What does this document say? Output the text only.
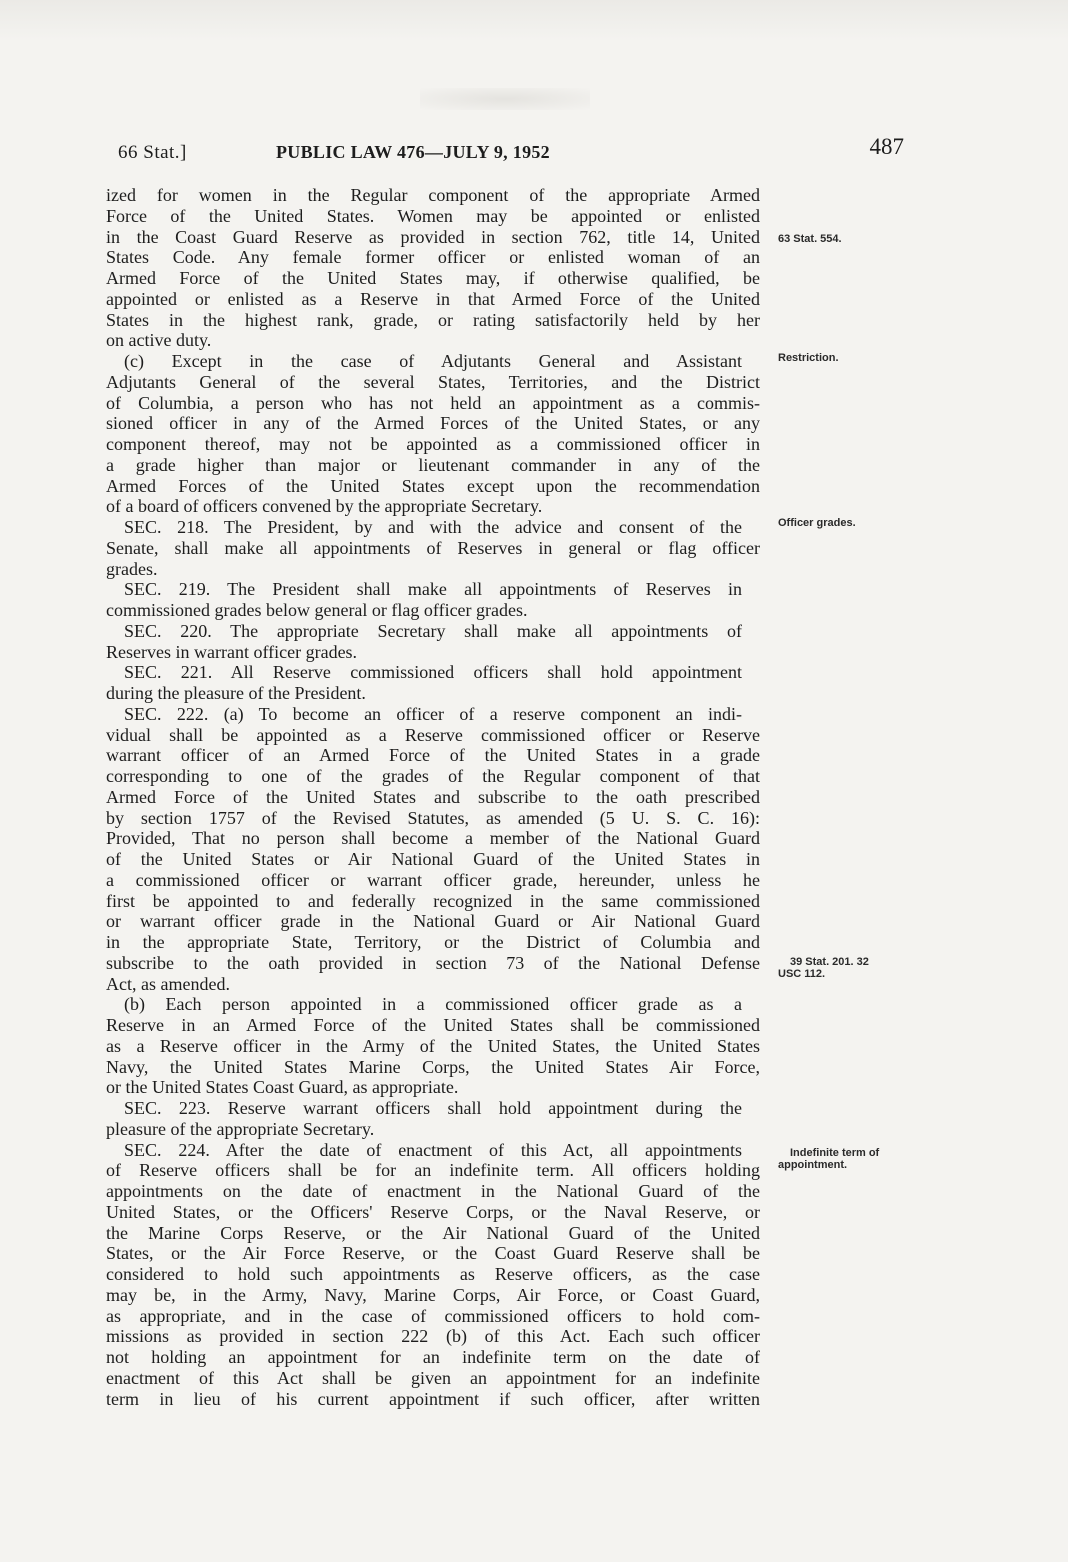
66 Stat.]	PUBLIC LAW 476—JULY 9, 1952	487
ized for women in the Regular component of the appropriate Armed
Force of the United States. Women may be appointed or enlisted
in the Coast Guard Reserve as provided in section 762, title 14, United
States Code. Any female former officer or enlisted woman of an
Armed Force of the United States may, if otherwise qualified, be
appointed or enlisted as a Reserve in that Armed Force of the United
States in the highest rank, grade, or rating satisfactorily held by her
on active duty.
(c) Except in the case of Adjutants General and Assistant
Adjutants General of the several States, Territories, and the District
of Columbia, a person who has not held an appointment as a commis-
sioned officer in any of the Armed Forces of the United States, or any
component thereof, may not be appointed as a commissioned officer in
a grade higher than major or lieutenant commander in any of the
Armed Forces of the United States except upon the recommendation
of a board of officers convened by the appropriate Secretary.
SEC. 218. The President, by and with the advice and consent of the
Senate, shall make all appointments of Reserves in general or flag officer
grades.
SEC. 219. The President shall make all appointments of Reserves in
commissioned grades below general or flag officer grades.
SEC. 220. The appropriate Secretary shall make all appointments of
Reserves in warrant officer grades.
SEC. 221. All Reserve commissioned officers shall hold appointment
during the pleasure of the President.
SEC. 222. (a) To become an officer of a reserve component an indi-
vidual shall be appointed as a Reserve commissioned officer or Reserve
warrant officer of an Armed Force of the United States in a grade
corresponding to one of the grades of the Regular component of that
Armed Force of the United States and subscribe to the oath prescribed
by section 1757 of the Revised Statutes, as amended (5 U. S. C. 16):
Provided, That no person shall become a member of the National Guard
of the United States or Air National Guard of the United States in
a commissioned officer or warrant officer grade, hereunder, unless he
first be appointed to and federally recognized in the same commissioned
or warrant officer grade in the National Guard or Air National Guard
in the appropriate State, Territory, or the District of Columbia and
subscribe to the oath provided in section 73 of the National Defense
Act, as amended.
(b) Each person appointed in a commissioned officer grade as a
Reserve in an Armed Force of the United States shall be commissioned
as a Reserve officer in the Army of the United States, the United States
Navy, the United States Marine Corps, the United States Air Force,
or the United States Coast Guard, as appropriate.
SEC. 223. Reserve warrant officers shall hold appointment during the
pleasure of the appropriate Secretary.
SEC. 224. After the date of enactment of this Act, all appointments
of Reserve officers shall be for an indefinite term. All officers holding
appointments on the date of enactment in the National Guard of the
United States, or the Officers' Reserve Corps, or the Naval Reserve, or
the Marine Corps Reserve, or the Air National Guard of the United
States, or the Air Force Reserve, or the Coast Guard Reserve shall be
considered to hold such appointments as Reserve officers, as the case
may be, in the Army, Navy, Marine Corps, Air Force, or Coast Guard,
as appropriate, and in the case of commissioned officers to hold com-
missions as provided in section 222 (b) of this Act. Each such officer
not holding an appointment for an indefinite term on the date of
enactment of this Act shall be given an appointment for an indefinite
term in lieu of his current appointment if such officer, after written
63 Stat. 554.
Restriction.
Officer grades.
39 Stat. 201. 32
USC 112.
Indefinite term of
appointment.
